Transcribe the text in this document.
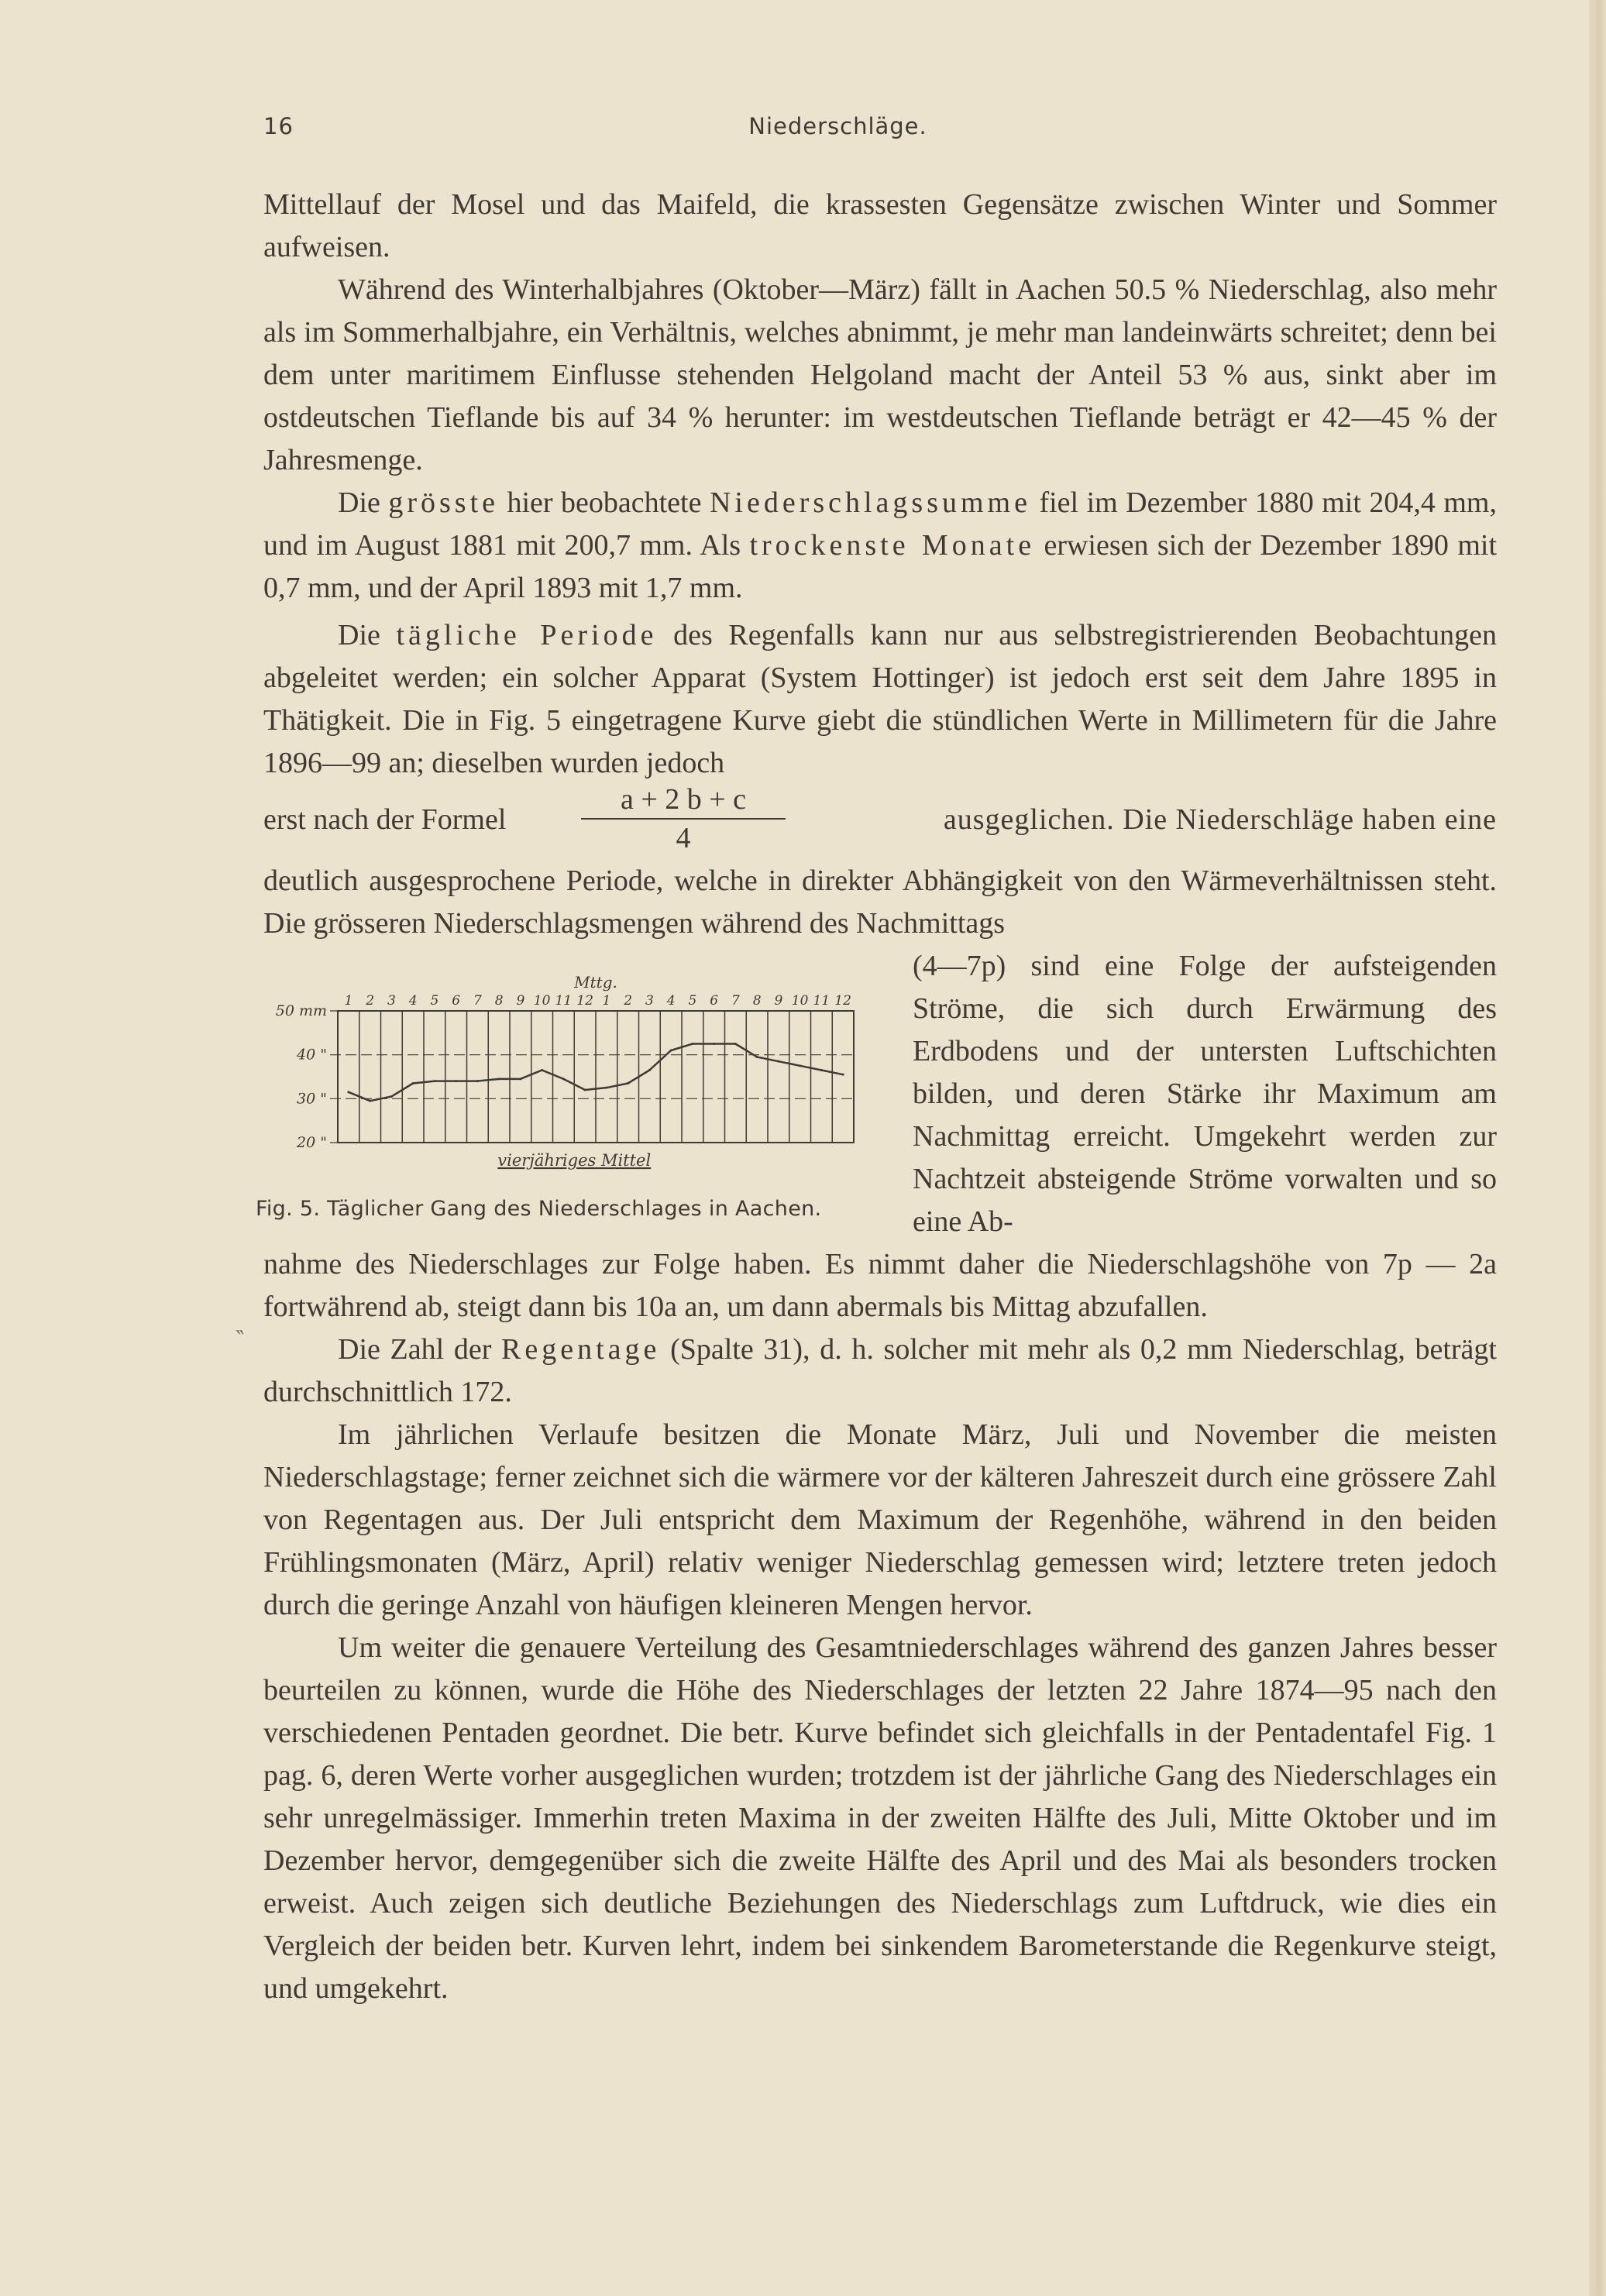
16	Niederschläge.

Mittellauf der Mosel und das Maifeld, die krassesten Gegensätze zwischen Winter und Sommer aufweisen.

Während des Winterhalbjahres (Oktober—März) fällt in Aachen 50.5 % Niederschlag, also mehr als im Sommerhalbjahre, ein Verhältnis, welches abnimmt, je mehr man landeinwärts schreitet; denn bei dem unter maritimem Einflusse stehenden Helgoland macht der Anteil 53 % aus, sinkt aber im ostdeutschen Tieflande bis auf 34 % herunter: im westdeutschen Tieflande beträgt er 42—45 % der Jahresmenge.

Die grösste hier beobachtete Niederschlagssumme fiel im Dezember 1880 mit 204,4 mm, und im August 1881 mit 200,7 mm. Als trockenste Monate erwiesen sich der Dezember 1890 mit 0,7 mm, und der April 1893 mit 1,7 mm.

Die tägliche Periode des Regenfalls kann nur aus selbstregistrierenden Beobachtungen abgeleitet werden; ein solcher Apparat (System Hottinger) ist jedoch erst seit dem Jahre 1895 in Thätigkeit. Die in Fig. 5 eingetragene Kurve giebt die stündlichen Werte in Millimetern für die Jahre 1896—99 an; dieselben wurden jedoch

erst nach der Formel
a + 2 b + c
4
ausgeglichen. Die Niederschläge haben eine

deutlich ausgesprochene Periode, welche in direkter Abhängigkeit von den Wärmeverhältnissen steht. Die grösseren Niederschlagsmengen während des Nachmittags

(4—7p) sind eine Folge der aufsteigenden Ströme, die sich durch Erwärmung des Erdbodens und der untersten Luftschichten bilden, und deren Stärke ihr Maximum am Nachmittag erreicht. Umgekehrt werden zur Nachtzeit absteigende Ströme vorwalten und so eine Ab-

50 mm
40 "
30 "
20 "
1 2 3 4 5 6 7 8 9 10 11 12 1 2 3 4 5 6 7 8 9 10 11 12
Mttg.
vierjähriges Mittel
Fig. 5. Täglicher Gang des Niederschlages in Aachen.

nahme des Niederschlages zur Folge haben. Es nimmt daher die Niederschlagshöhe von 7p — 2a fortwährend ab, steigt dann bis 10a an, um dann abermals bis Mittag abzufallen.

Die Zahl der Regentage (Spalte 31), d. h. solcher mit mehr als 0,2 mm Niederschlag, beträgt durchschnittlich 172.

Im jährlichen Verlaufe besitzen die Monate März, Juli und November die meisten Niederschlagstage; ferner zeichnet sich die wärmere vor der kälteren Jahreszeit durch eine grössere Zahl von Regentagen aus. Der Juli entspricht dem Maximum der Regenhöhe, während in den beiden Frühlingsmonaten (März, April) relativ weniger Niederschlag gemessen wird; letztere treten jedoch durch die geringe Anzahl von häufigen kleineren Mengen hervor.

Um weiter die genauere Verteilung des Gesamtniederschlages während des ganzen Jahres besser beurteilen zu können, wurde die Höhe des Niederschlages der letzten 22 Jahre 1874—95 nach den verschiedenen Pentaden geordnet. Die betr. Kurve befindet sich gleichfalls in der Pentadentafel Fig. 1 pag. 6, deren Werte vorher ausgeglichen wurden; trotzdem ist der jährliche Gang des Niederschlages ein sehr unregelmässiger. Immerhin treten Maxima in der zweiten Hälfte des Juli, Mitte Oktober und im Dezember hervor, demgegenüber sich die zweite Hälfte des April und des Mai als besonders trocken erweist. Auch zeigen sich deutliche Beziehungen des Niederschlags zum Luftdruck, wie dies ein Vergleich der beiden betr. Kurven lehrt, indem bei sinkendem Barometerstande die Regenkurve steigt, und umgekehrt.

‶
